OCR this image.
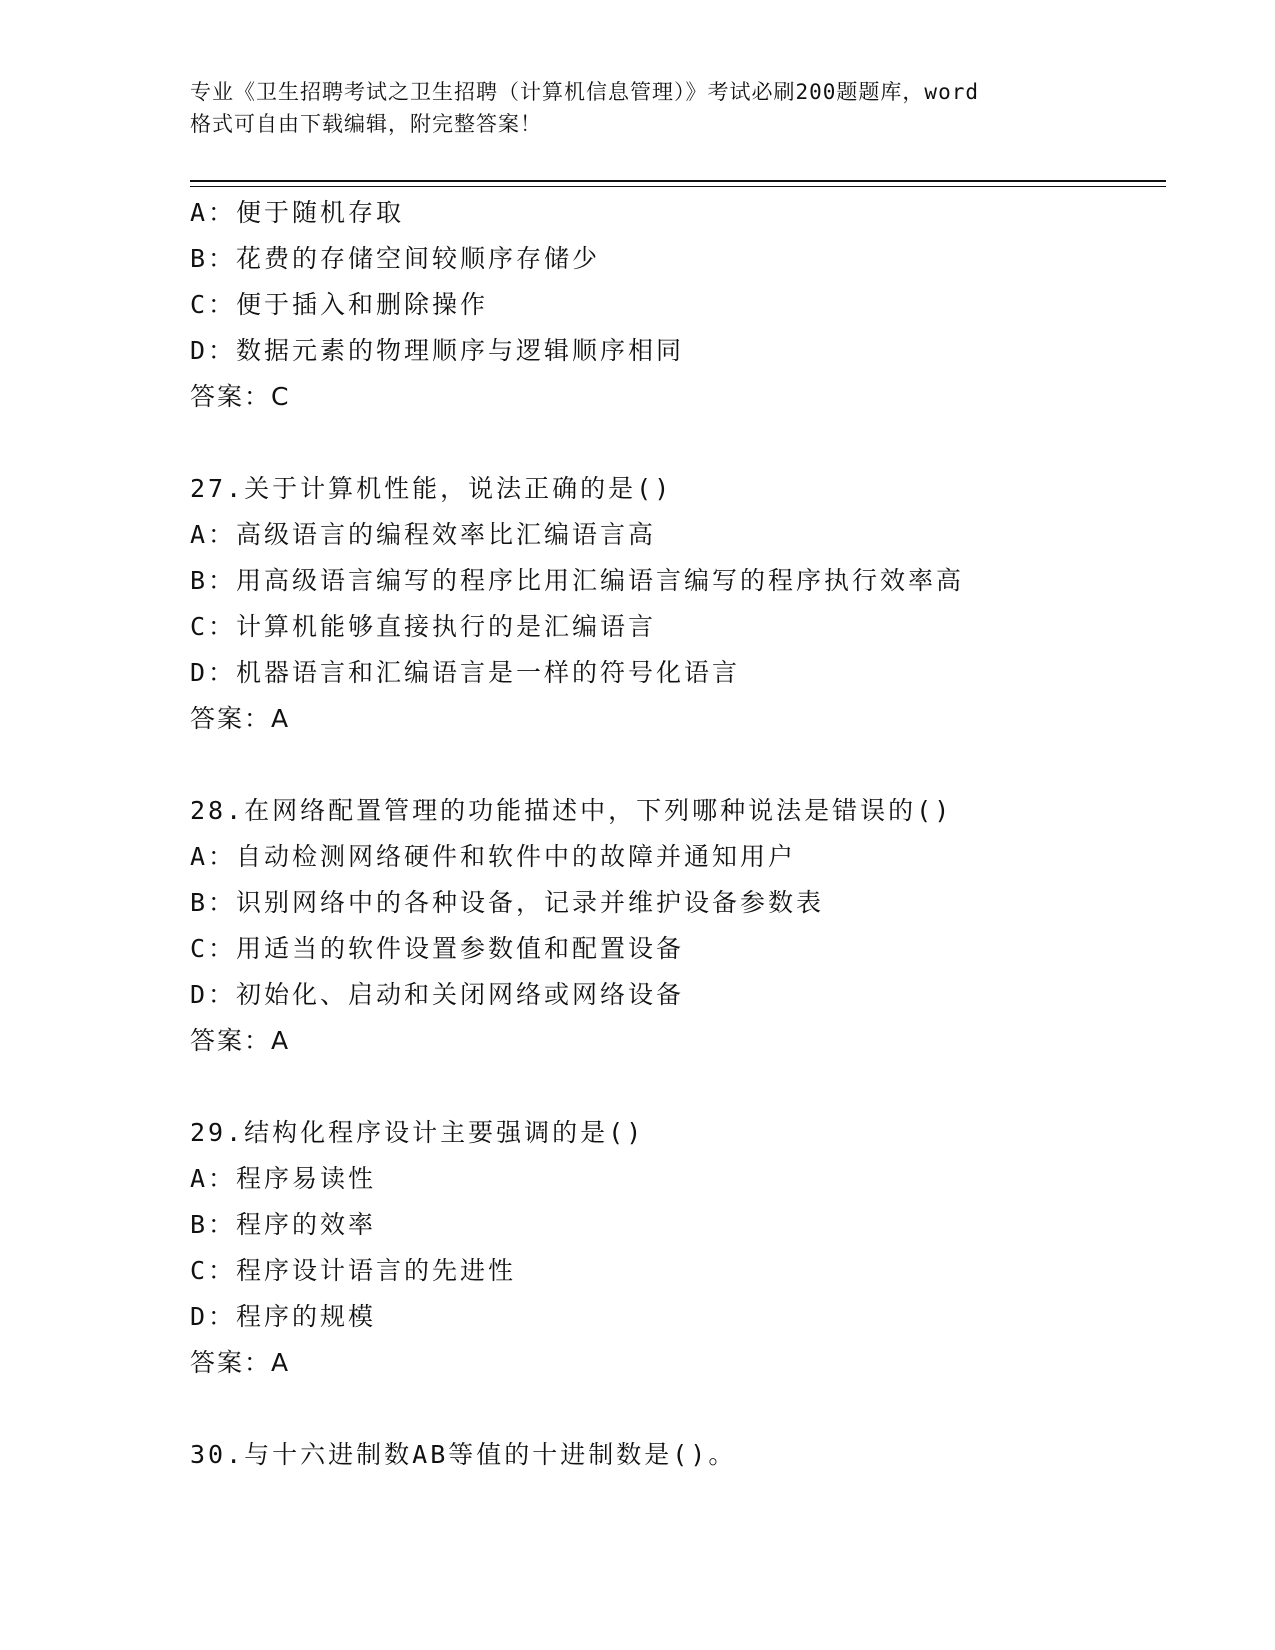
专业《卫生招聘考试之卫生招聘（计算机信息管理）》考试必刷200题题库，word
格式可自由下载编辑，附完整答案！
A：便于随机存取
B：花费的存储空间较顺序存储少
C：便于插入和删除操作
D：数据元素的物理顺序与逻辑顺序相同
答案：C
27.关于计算机性能，说法正确的是()
A：高级语言的编程效率比汇编语言高
B：用高级语言编写的程序比用汇编语言编写的程序执行效率高
C：计算机能够直接执行的是汇编语言
D：机器语言和汇编语言是一样的符号化语言
答案：A
28.在网络配置管理的功能描述中，下列哪种说法是错误的()
A：自动检测网络硬件和软件中的故障并通知用户
B：识别网络中的各种设备，记录并维护设备参数表
C：用适当的软件设置参数值和配置设备
D：初始化、启动和关闭网络或网络设备
答案：A
29.结构化程序设计主要强调的是()
A：程序易读性
B：程序的效率
C：程序设计语言的先进性
D：程序的规模
答案：A
30.与十六进制数AB等值的十进制数是()。
